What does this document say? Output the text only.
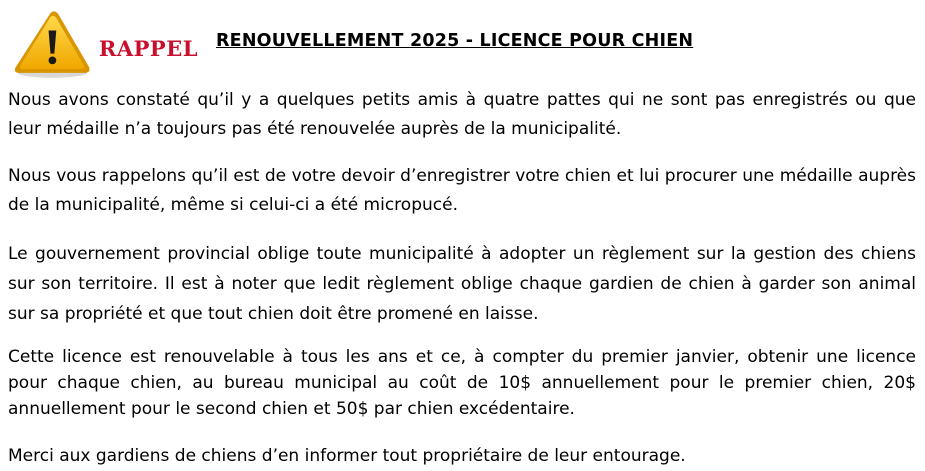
RAPPEL RENOUVELLEMENT 2025 - LICENCE POUR CHIEN

Nous avons constaté qu’il y a quelques petits amis à quatre pattes qui ne sont pas enregistrés ou que leur médaille n’a toujours pas été renouvelée auprès de la municipalité.

Nous vous rappelons qu’il est de votre devoir d’enregistrer votre chien et lui procurer une médaille auprès de la municipalité, même si celui-ci a été micropucé.

Le gouvernement provincial oblige toute municipalité à adopter un règlement sur la gestion des chiens sur son territoire. Il est à noter que ledit règlement oblige chaque gardien de chien à garder son animal sur sa propriété et que tout chien doit être promené en laisse.

Cette licence est renouvelable à tous les ans et ce, à compter du premier janvier, obtenir une licence pour chaque chien, au bureau municipal au coût de 10$ annuellement pour le premier chien, 20$ annuellement pour le second chien et 50$ par chien excédentaire.

Merci aux gardiens de chiens d’en informer tout propriétaire de leur entourage.
